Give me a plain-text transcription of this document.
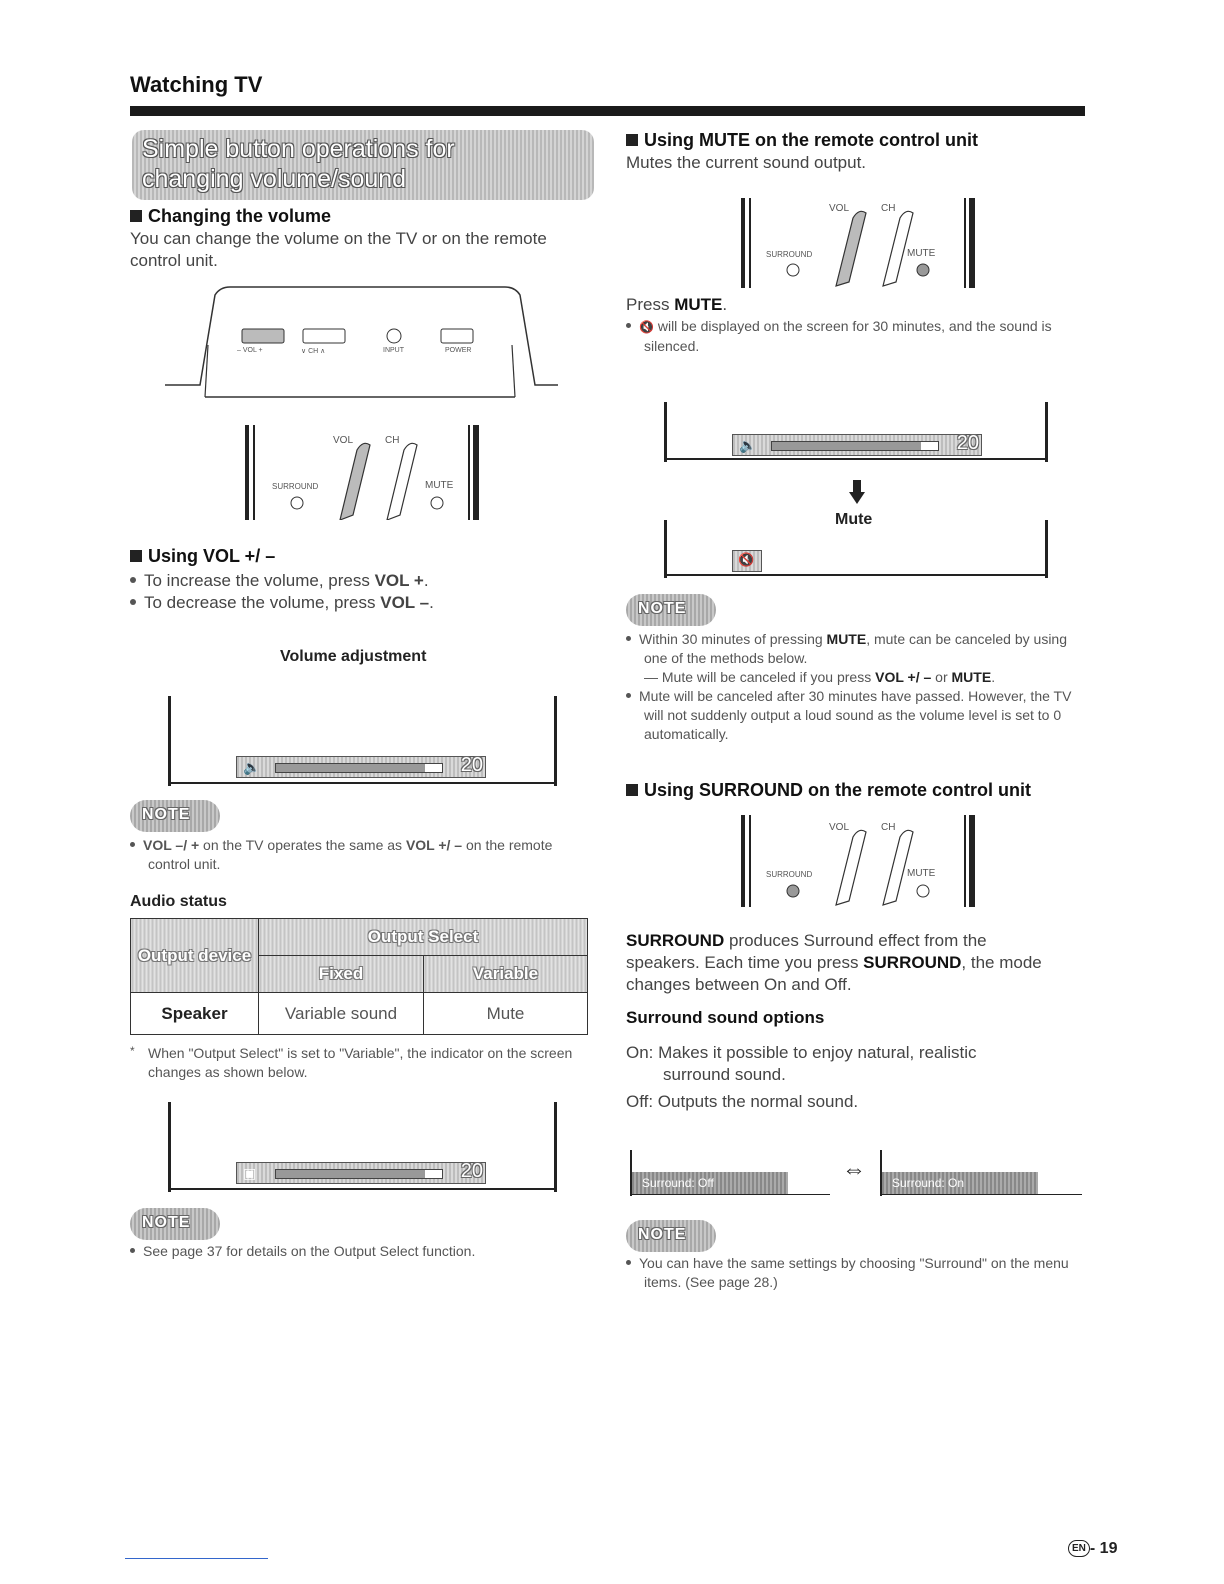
Watching TV
Simple button operations for
changing volume/sound
Changing the volume
You can change the volume on the TV or on the remote control unit.
– VOL +	∨ CH ∧	INPUT	POWER
VOL	CH
SURROUND	MUTE
Using VOL +/ –
To increase the volume, press VOL +.
To decrease the volume, press VOL –.
Volume adjustment
🔈	20
NOTE
VOL –/ + on the TV operates the same as VOL +/ – on the remote control unit.
Audio status
Output device	Output Select	
	Fixed	Variable
Speaker	Variable sound	Mute
* When "Output Select" is set to "Variable", the indicator on the screen changes as shown below.
▣	20
NOTE
See page 37 for details on the Output Select function.
Using MUTE on the remote control unit
Mutes the current sound output.
VOL	CH
SURROUND	MUTE
Press MUTE.
🔇 will be displayed on the screen for 30 minutes, and the sound is silenced.
🔈	20
Mute
🔇
NOTE
Within 30 minutes of pressing MUTE, mute can be canceled by using one of the methods below.
— Mute will be canceled if you press VOL +/ – or MUTE.
Mute will be canceled after 30 minutes have passed. However, the TV will not suddenly output a loud sound as the volume level is set to 0 automatically.
Using SURROUND on the remote control unit
VOL	CH
SURROUND	MUTE
SURROUND produces Surround effect from the speakers. Each time you press SURROUND, the mode changes between On and Off.
Surround sound options
On: Makes it possible to enjoy natural, realistic surround sound.
Off: Outputs the normal sound.
Surround: Off	⇔	Surround: On
NOTE
You can have the same settings by choosing "Surround" on the menu items. (See page 28.)
EN - 19
